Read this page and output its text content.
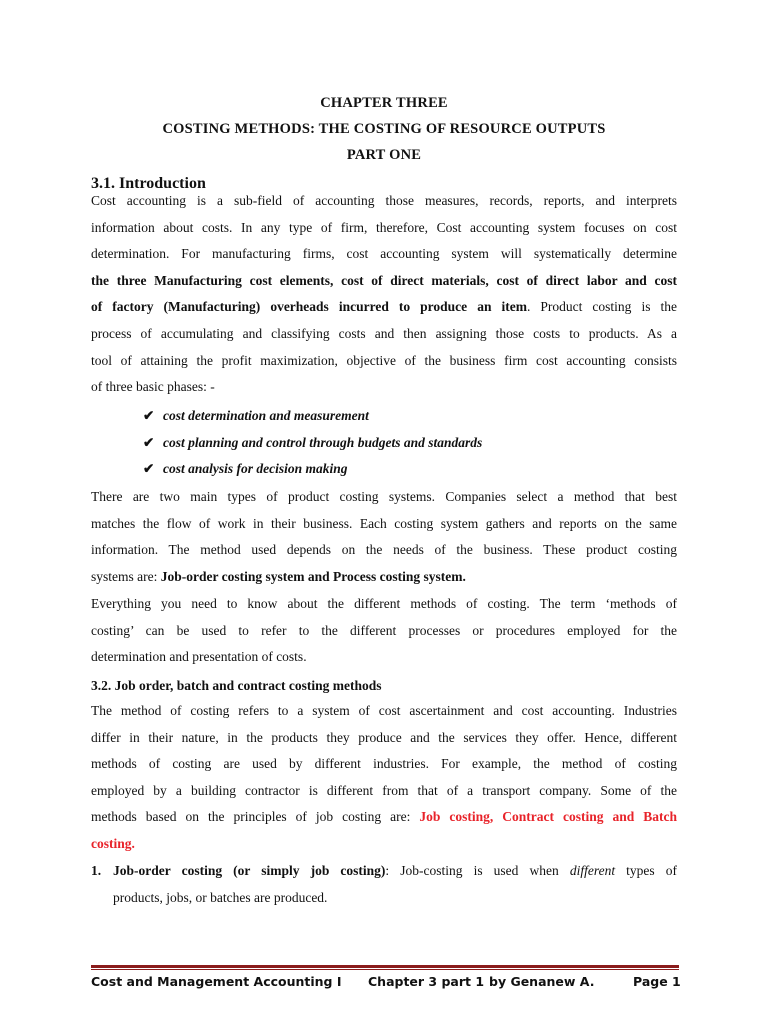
CHAPTER THREE
COSTING METHODS: THE COSTING OF RESOURCE OUTPUTS
PART ONE
3.1. Introduction
Cost accounting is a sub-field of accounting those measures, records, reports, and interprets
information about costs. In any type of firm, therefore, Cost accounting system focuses on cost
determination. For manufacturing firms, cost accounting system will systematically determine
the three Manufacturing cost elements, cost of direct materials, cost of direct labor and cost
of factory (Manufacturing) overheads incurred to produce an item. Product costing is the
process of accumulating and classifying costs and then assigning those costs to products. As a
tool of attaining the profit maximization, objective of the business firm cost accounting consists
of three basic phases: -
✔ cost determination and measurement
✔ cost planning and control through budgets and standards
✔ cost analysis for decision making
There are two main types of product costing systems. Companies select a method that best
matches the flow of work in their business. Each costing system gathers and reports on the same
information. The method used depends on the needs of the business. These product costing
systems are: Job-order costing system and Process costing system.
Everything you need to know about the different methods of costing. The term ‘methods of
costing’ can be used to refer to the different processes or procedures employed for the
determination and presentation of costs.
3.2. Job order, batch and contract costing methods
The method of costing refers to a system of cost ascertainment and cost accounting. Industries
differ in their nature, in the products they produce and the services they offer. Hence, different
methods of costing are used by different industries. For example, the method of costing
employed by a building contractor is different from that of a transport company. Some of the
methods based on the principles of job costing are: Job costing, Contract costing and Batch
costing.
1. Job-order costing (or simply job costing): Job-costing is used when different types of
products, jobs, or batches are produced.
Cost and Management Accounting I Chapter 3 part 1 by Genanew A.	Page 1
